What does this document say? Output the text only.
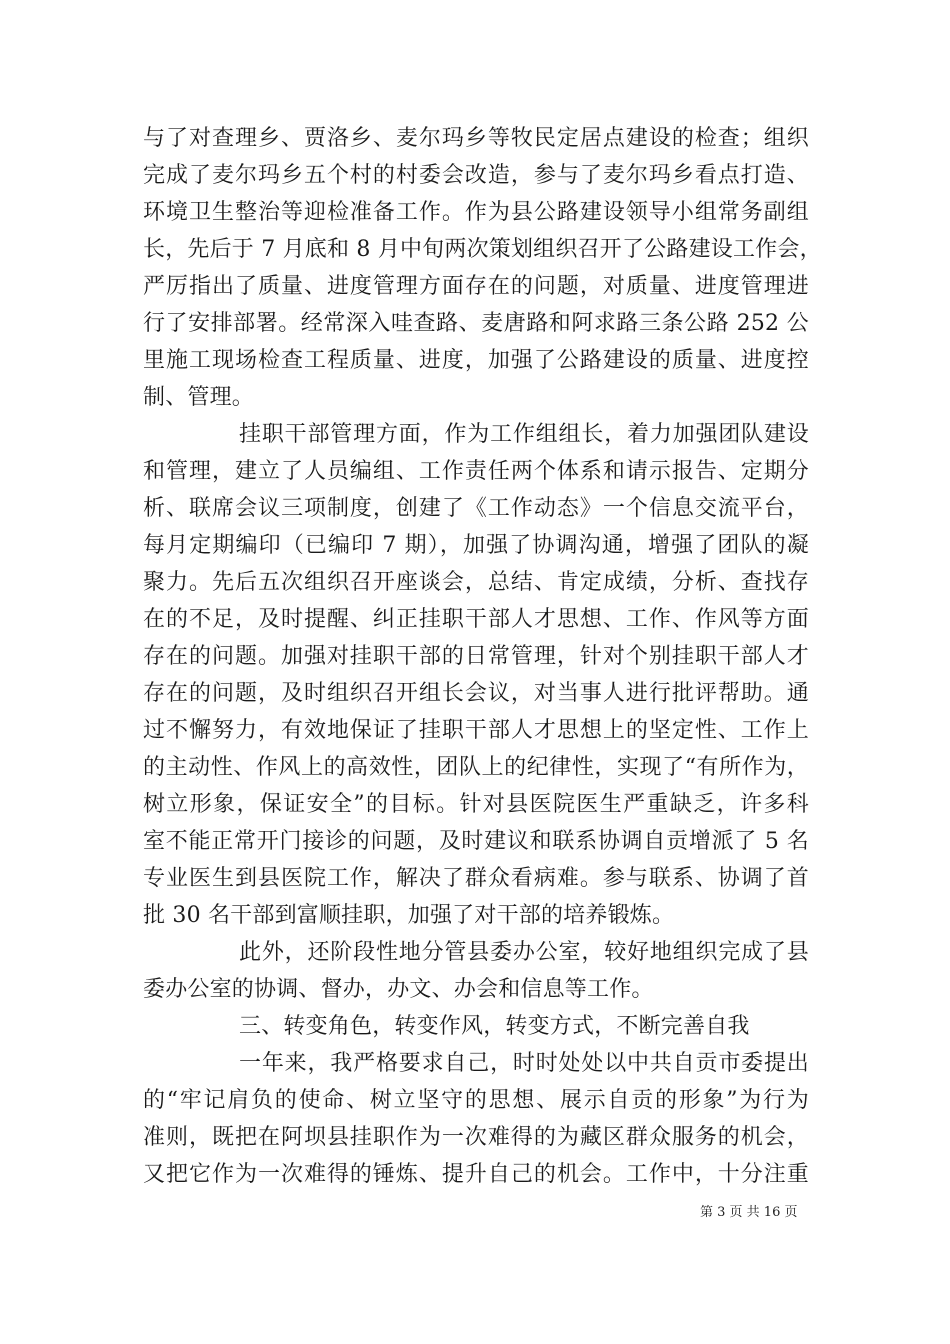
与了对查理乡、贾洛乡、麦尔玛乡等牧民定居点建设的检查；组织
完成了麦尔玛乡五个村的村委会改造，参与了麦尔玛乡看点打造、
环境卫生整治等迎检准备工作。作为县公路建设领导小组常务副组
长，先后于 7 月底和 8 月中旬两次策划组织召开了公路建设工作会，
严厉指出了质量、进度管理方面存在的问题，对质量、进度管理进
行了安排部署。经常深入哇查路、麦唐路和阿求路三条公路 252 公
里施工现场检查工程质量、进度，加强了公路建设的质量、进度控
制、管理。
挂职干部管理方面，作为工作组组长，着力加强团队建设
和管理，建立了人员编组、工作责任两个体系和请示报告、定期分
析、联席会议三项制度，创建了《工作动态》一个信息交流平台，
每月定期编印（已编印 7 期），加强了协调沟通，增强了团队的凝
聚力。先后五次组织召开座谈会，总结、肯定成绩，分析、查找存
在的不足，及时提醒、纠正挂职干部人才思想、工作、作风等方面
存在的问题。加强对挂职干部的日常管理，针对个别挂职干部人才
存在的问题，及时组织召开组长会议，对当事人进行批评帮助。通
过不懈努力，有效地保证了挂职干部人才思想上的坚定性、工作上
的主动性、作风上的高效性，团队上的纪律性，实现了“有所作为，
树立形象，保证安全”的目标。针对县医院医生严重缺乏，许多科
室不能正常开门接诊的问题，及时建议和联系协调自贡增派了 5 名
专业医生到县医院工作，解决了群众看病难。参与联系、协调了首
批 30 名干部到富顺挂职，加强了对干部的培养锻炼。
此外，还阶段性地分管县委办公室，较好地组织完成了县
委办公室的协调、督办，办文、办会和信息等工作。
三、转变角色，转变作风，转变方式，不断完善自我
一年来，我严格要求自己，时时处处以中共自贡市委提出
的“牢记肩负的使命、树立坚守的思想、展示自贡的形象”为行为
准则，既把在阿坝县挂职作为一次难得的为藏区群众服务的机会，
又把它作为一次难得的锤炼、提升自己的机会。工作中，十分注重
第 3 页 共 16 页
